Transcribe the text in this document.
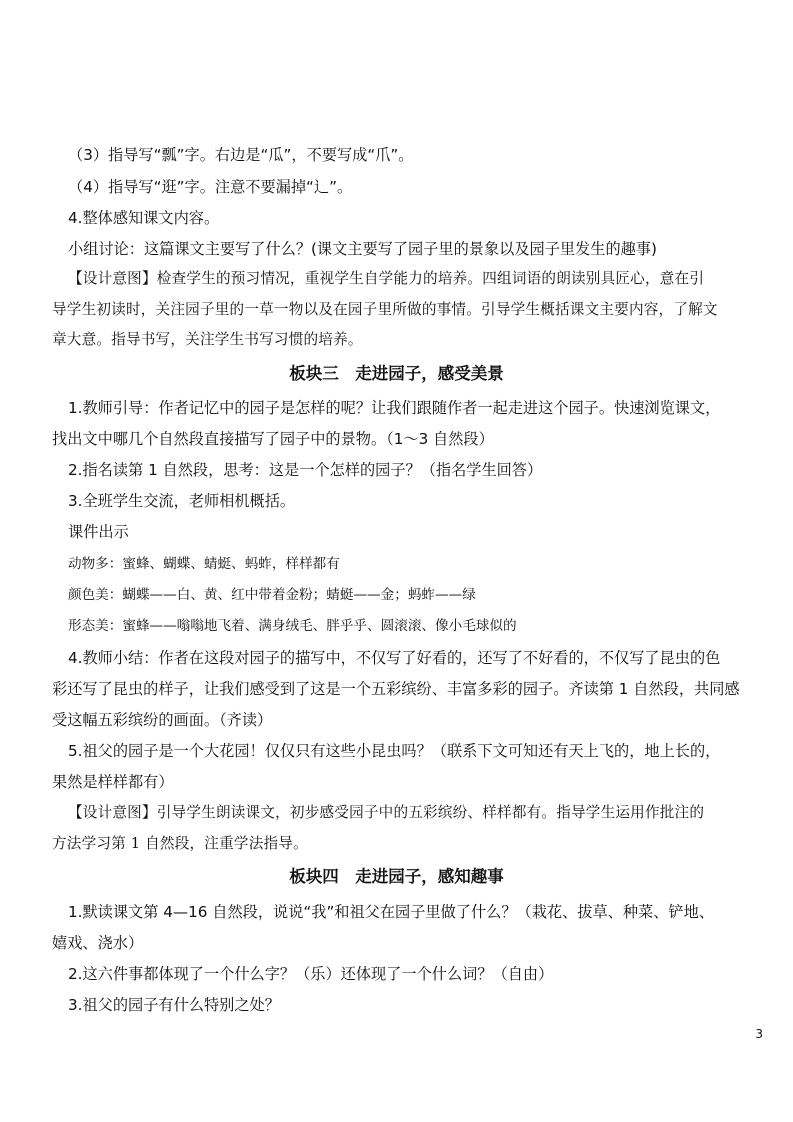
（3）指导写“瓢”字。右边是“瓜”，不要写成“爪”。
（4）指导写“逛”字。注意不要漏掉“辶”。
4.整体感知课文内容。
小组讨论：这篇课文主要写了什么？(课文主要写了园子里的景象以及园子里发生的趣事)
【设计意图】检查学生的预习情况，重视学生自学能力的培养。四组词语的朗读别具匠心，意在引
导学生初读时，关注园子里的一草一物以及在园子里所做的事情。引导学生概括课文主要内容，了解文
章大意。指导书写，关注学生书写习惯的培养。
板块三　走进园子，感受美景
1.教师引导：作者记忆中的园子是怎样的呢？让我们跟随作者一起走进这个园子。快速浏览课文，
找出文中哪几个自然段直接描写了园子中的景物。（1～3 自然段）
2.指名读第 1 自然段，思考：这是一个怎样的园子？（指名学生回答）
3.全班学生交流，老师相机概括。
课件出示
动物多：蜜蜂、蝴蝶、蜻蜓、蚂蚱，样样都有
颜色美：蝴蝶——白、黄、红中带着金粉；蜻蜓——金；蚂蚱——绿
形态美：蜜蜂——嗡嗡地飞着、满身绒毛、胖乎乎、圆滚滚、像小毛球似的
4.教师小结：作者在这段对园子的描写中，不仅写了好看的，还写了不好看的，不仅写了昆虫的色
彩还写了昆虫的样子，让我们感受到了这是一个五彩缤纷、丰富多彩的园子。齐读第 1 自然段，共同感
受这幅五彩缤纷的画面。（齐读）
5.祖父的园子是一个大花园！仅仅只有这些小昆虫吗？（联系下文可知还有天上飞的，地上长的，
果然是样样都有）
【设计意图】引导学生朗读课文，初步感受园子中的五彩缤纷、样样都有。指导学生运用作批注的
方法学习第 1 自然段，注重学法指导。
板块四　走进园子，感知趣事
1.默读课文第 4—16 自然段，说说“我”和祖父在园子里做了什么？（栽花、拔草、种菜、铲地、
嬉戏、浇水）
2.这六件事都体现了一个什么字？（乐）还体现了一个什么词？（自由）
3.祖父的园子有什么特别之处？
3
